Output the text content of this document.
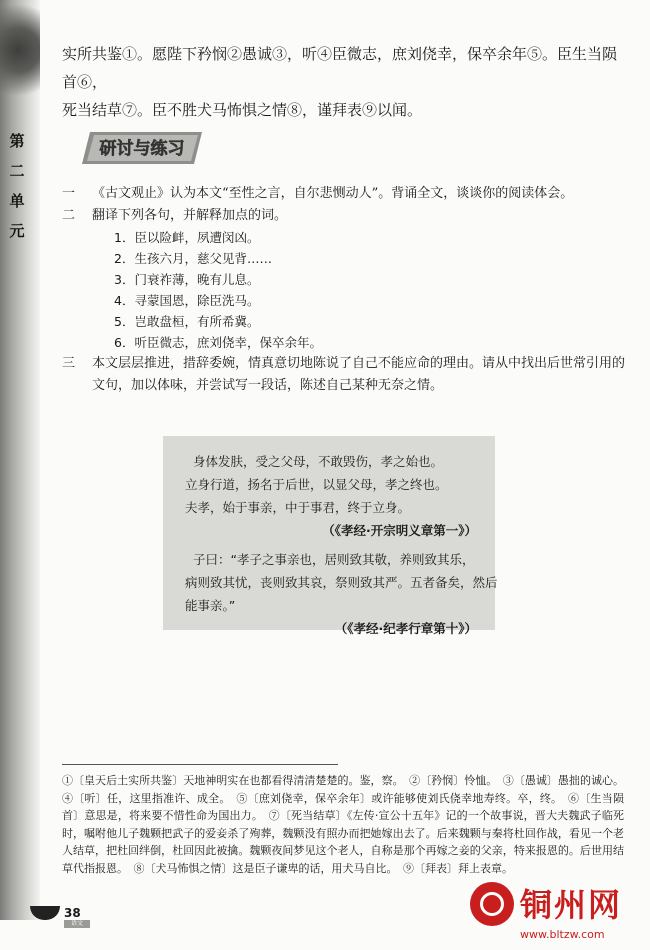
第二单元
实所共鉴①。愿陛下矜悯②愚诚③，听④臣微志，庶刘侥幸，保卒余年⑤。臣生当陨首⑥，
死当结草⑦。臣不胜犬马怖惧之情⑧，谨拜表⑨以闻。
研讨与练习
一 《古文观止》认为本文“至性之言，自尔悲恻动人”。背诵全文，谈谈你的阅读体会。
二 翻译下列各句，并解释加点的词。
1．臣以险衅，夙遭闵凶。
2．生孩六月，慈父见背……
3．门衰祚薄，晚有儿息。
4．寻蒙国恩，除臣洗马。
5．岂敢盘桓，有所希冀。
6．听臣微志，庶刘侥幸，保卒余年。
三 本文层层推进，措辞委婉，情真意切地陈说了自己不能应命的理由。请从中找出后世常引用的文句，加以体味，并尝试写一段话，陈述自己某种无奈之情。
身体发肤，受之父母，不敢毁伤，孝之始也。
立身行道，扬名于后世，以显父母，孝之终也。
夫孝，始于事亲，中于事君，终于立身。
（《孝经·开宗明义章第一》）
子曰：“孝子之事亲也，居则致其敬，养则致其乐，
病则致其忧，丧则致其哀，祭则致其严。五者备矣，然后
能事亲。”
（《孝经·纪孝行章第十》）
①〔皇天后土实所共鉴〕天地神明实在也都看得清清楚楚的。鉴，察。　②〔矜悯〕怜恤。　③〔愚诚〕愚拙的诚心。④〔听〕任，这里指准许、成全。　⑤〔庶刘侥幸，保卒余年〕或许能够使刘氏侥幸地寿终。卒，终。　⑥〔生当陨首〕意思是，将来要不惜性命为国出力。　⑦〔死当结草〕《左传·宣公十五年》记的一个故事说，晋大夫魏武子临死时，嘱咐他儿子魏颗把武子的爱妾杀了殉葬，魏颗没有照办而把她嫁出去了。后来魏颗与秦将杜回作战，看见一个老人结草，把杜回绊倒，杜回因此被擒。魏颗夜间梦见这个老人，自称是那个再嫁之妾的父亲，特来报恩的。后世用结草代指报恩。　⑧〔犬马怖惧之情〕这是臣子谦卑的话，用犬马自比。　⑨〔拜表〕拜上表章。
38
语文	铜州网
www.bltzw.com
